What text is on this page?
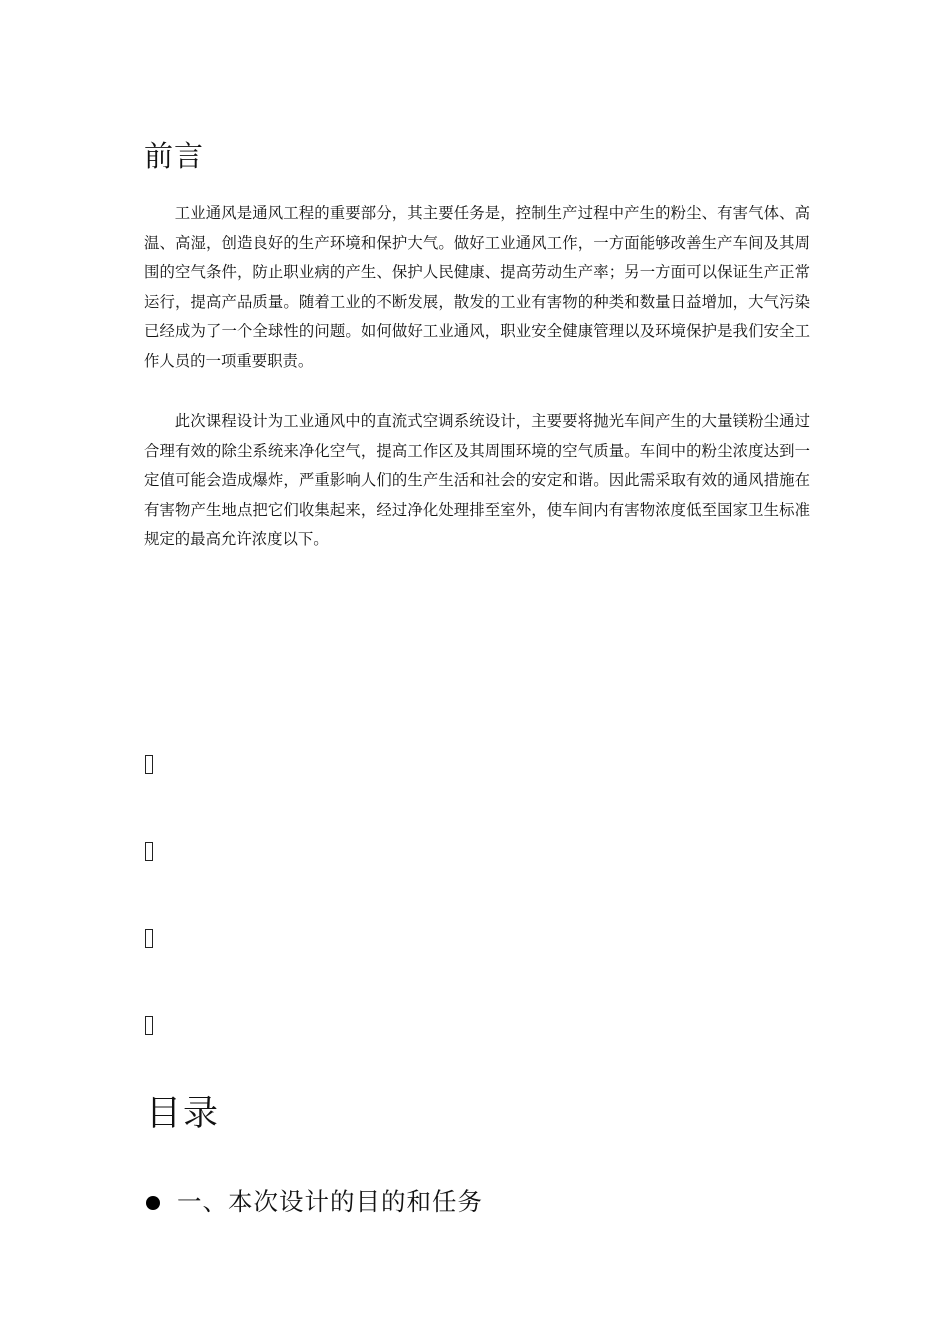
前言

工业通风是通风工程的重要部分，其主要任务是，控制生产过程中产生的粉尘、有害气体、高温、高湿，创造良好的生产环境和保护大气。做好工业通风工作，一方面能够改善生产车间及其周围的空气条件，防止职业病的产生、保护人民健康、提高劳动生产率；另一方面可以保证生产正常运行，提高产品质量。随着工业的不断发展，散发的工业有害物的种类和数量日益增加，大气污染已经成为了一个全球性的问题。如何做好工业通风，职业安全健康管理以及环境保护是我们安全工作人员的一项重要职责。

此次课程设计为工业通风中的直流式空调系统设计，主要要将抛光车间产生的大量镁粉尘通过合理有效的除尘系统来净化空气，提高工作区及其周围环境的空气质量。车间中的粉尘浓度达到一定值可能会造成爆炸，严重影响人们的生产生活和社会的安定和谐。因此需采取有效的通风措施在有害物产生地点把它们收集起来，经过净化处理排至室外，使车间内有害物浓度低至国家卫生标准规定的最高允许浓度以下。

目录
一、本次设计的目的和任务
